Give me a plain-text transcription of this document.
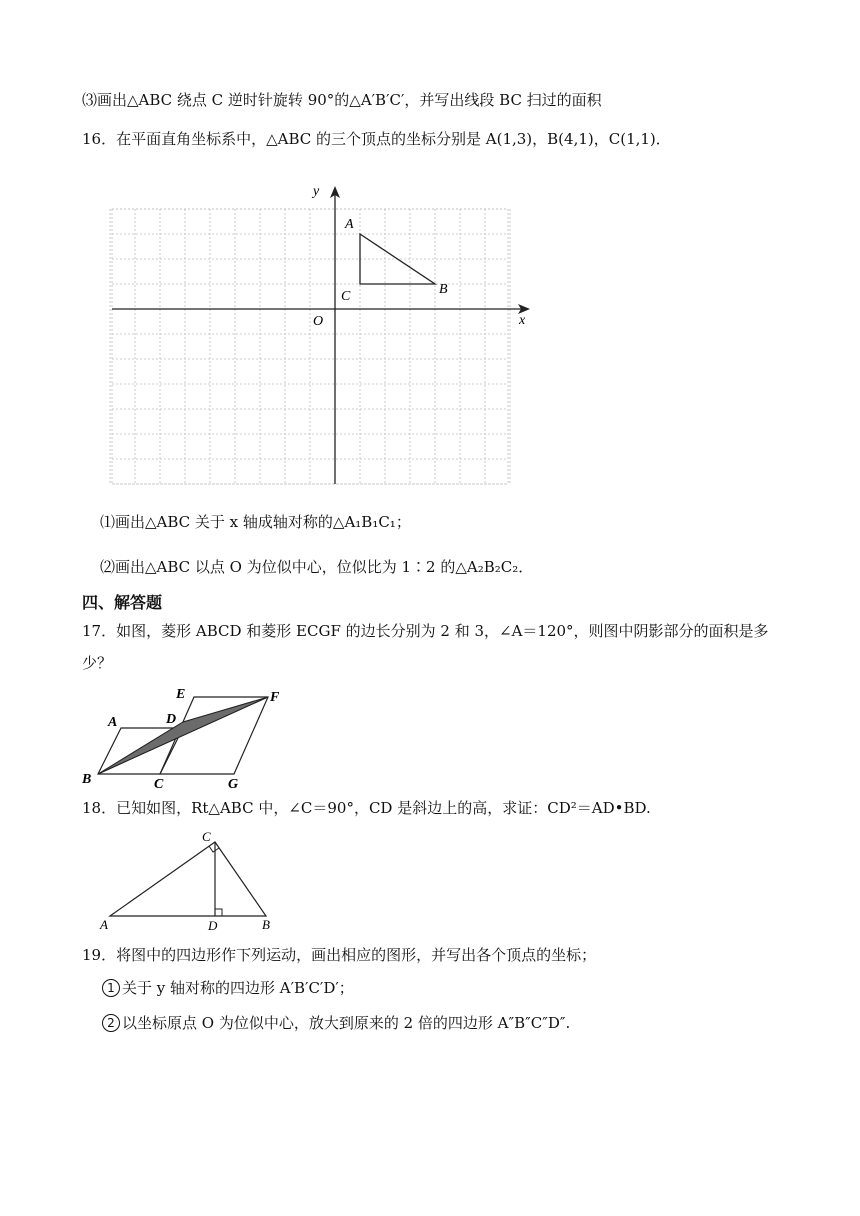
⑶画出△ABC 绕点 C 逆时针旋转 90°的△A′B′C′，并写出线段 BC 扫过的面积
16．在平面直角坐标系中，△ABC 的三个顶点的坐标分别是 A(1,3)，B(4,1)，C(1,1)．
x
y
O
A
B
C
⑴画出△ABC 关于 x 轴成轴对称的△A₁B₁C₁；
⑵画出△ABC 以点 O 为位似中心，位似比为 1∶2 的△A₂B₂C₂．
四、解答题
17．如图，菱形 ABCD 和菱形 ECGF 的边长分别为 2 和 3，∠A＝120°，则图中阴影部分的面积是多
少？
A
B	C
D
E	F
G
18．已知如图，Rt△ABC 中，∠C＝90°，CD 是斜边上的高，求证：CD²＝AD•BD.
C
A	D	B
19．将图中的四边形作下列运动，画出相应的图形，并写出各个顶点的坐标；
1 关于 y 轴对称的四边形 A′B′C′D′；
2 以坐标原点 O 为位似中心，放大到原来的 2 倍的四边形 A″B″C″D″.
